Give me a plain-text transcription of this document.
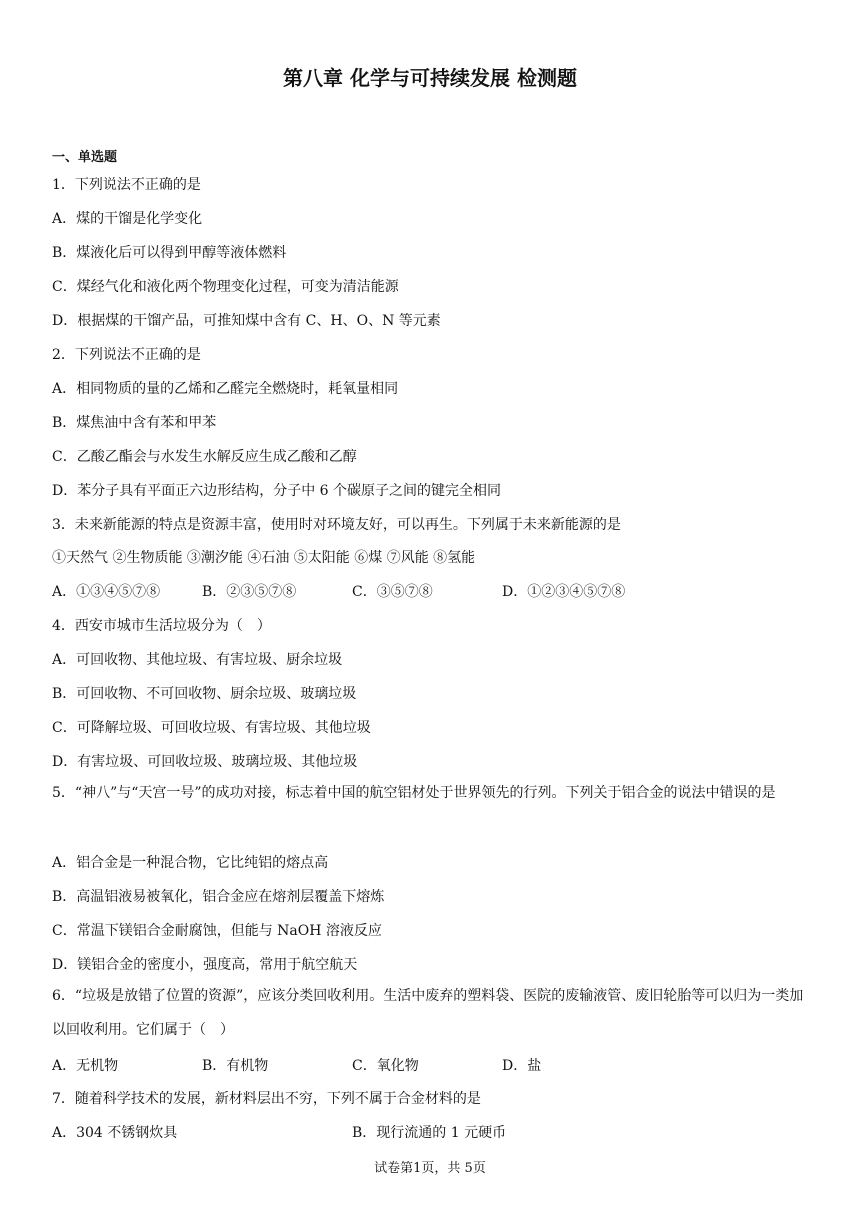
第八章 化学与可持续发展 检测题
一、单选题
1．下列说法不正确的是
A．煤的干馏是化学变化
B．煤液化后可以得到甲醇等液体燃料
C．煤经气化和液化两个物理变化过程，可变为清洁能源
D．根据煤的干馏产品，可推知煤中含有 C、H、O、N 等元素
2．下列说法不正确的是
A．相同物质的量的乙烯和乙醛完全燃烧时，耗氧量相同
B．煤焦油中含有苯和甲苯
C．乙酸乙酯会与水发生水解反应生成乙酸和乙醇
D．苯分子具有平面正六边形结构，分子中 6 个碳原子之间的键完全相同
3．未来新能源的特点是资源丰富，使用时对环境友好，可以再生。下列属于未来新能源的是
①天然气 ②生物质能 ③潮汐能 ④石油 ⑤太阳能 ⑥煤 ⑦风能 ⑧氢能
A．①③④⑤⑦⑧	B．②③⑤⑦⑧	C．③⑤⑦⑧	D．①②③④⑤⑦⑧
4．西安市城市生活垃圾分为（　）
A．可回收物、其他垃圾、有害垃圾、厨余垃圾
B．可回收物、不可回收物、厨余垃圾、玻璃垃圾
C．可降解垃圾、可回收垃圾、有害垃圾、其他垃圾
D．有害垃圾、可回收垃圾、玻璃垃圾、其他垃圾
5．“神八”与“天宫一号”的成功对接，标志着中国的航空铝材处于世界领先的行列。下列关于铝合金的说法中错误的是
A．铝合金是一种混合物，它比纯铝的熔点高
B．高温铝液易被氧化，铝合金应在熔剂层覆盖下熔炼
C．常温下镁铝合金耐腐蚀，但能与 NaOH 溶液反应
D．镁铝合金的密度小，强度高，常用于航空航天
6．“垃圾是放错了位置的资源”，应该分类回收利用。生活中废弃的塑料袋、医院的废输液管、废旧轮胎等可以归为一类加以回收利用。它们属于（　）
A．无机物	B．有机物	C．氧化物	D．盐
7．随着科学技术的发展，新材料层出不穷，下列不属于合金材料的是
A．304 不锈钢炊具	B．现行流通的 1 元硬币
试卷第1页，共 5页
